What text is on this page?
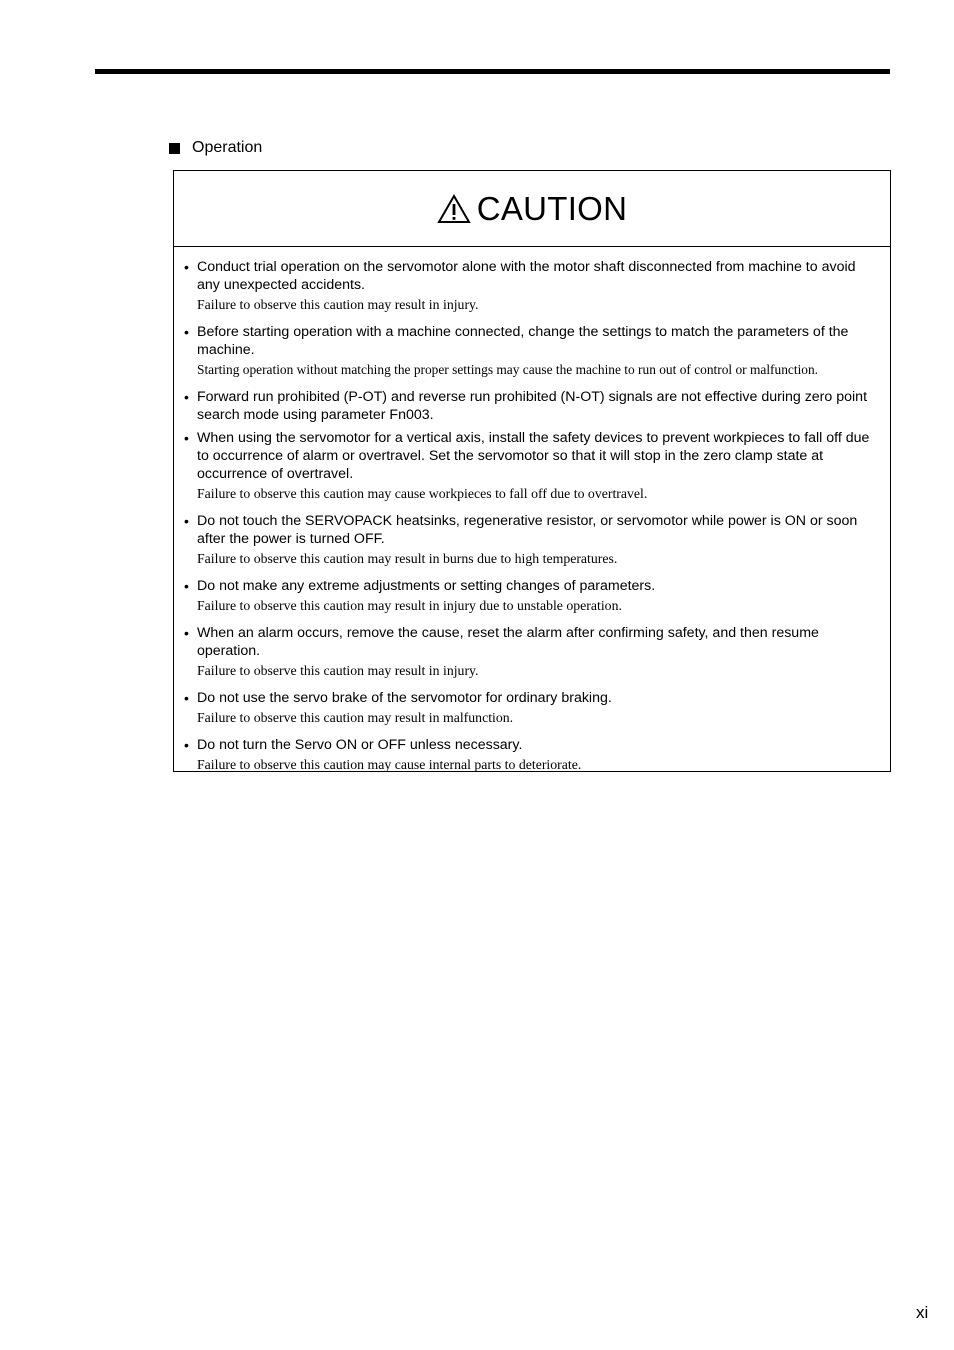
Operation
CAUTION
• Conduct trial operation on the servomotor alone with the motor shaft disconnected from machine to avoid any unexpected accidents.
Failure to observe this caution may result in injury.
• Before starting operation with a machine connected, change the settings to match the parameters of the machine.
Starting operation without matching the proper settings may cause the machine to run out of control or malfunction.
• Forward run prohibited (P-OT) and reverse run prohibited (N-OT) signals are not effective during zero point search mode using parameter Fn003.
• When using the servomotor for a vertical axis, install the safety devices to prevent workpieces to fall off due to occurrence of alarm or overtravel. Set the servomotor so that it will stop in the zero clamp state at occurrence of overtravel.
Failure to observe this caution may cause workpieces to fall off due to overtravel.
• Do not touch the SERVOPACK heatsinks, regenerative resistor, or servomotor while power is ON or soon after the power is turned OFF.
Failure to observe this caution may result in burns due to high temperatures.
• Do not make any extreme adjustments or setting changes of parameters.
Failure to observe this caution may result in injury due to unstable operation.
• When an alarm occurs, remove the cause, reset the alarm after confirming safety, and then resume operation.
Failure to observe this caution may result in injury.
• Do not use the servo brake of the servomotor for ordinary braking.
Failure to observe this caution may result in malfunction.
• Do not turn the Servo ON or OFF unless necessary.
Failure to observe this caution may cause internal parts to deteriorate.
xi
